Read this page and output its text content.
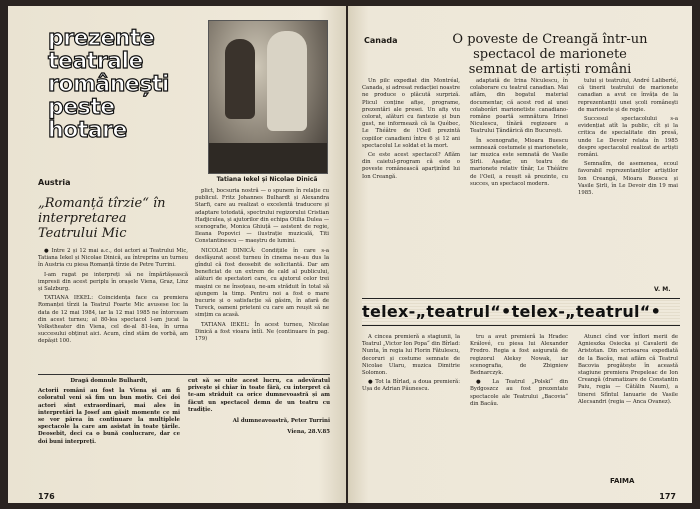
prezente
teatrale
românești
peste
hotare
Tatiana Iekel și Nicolae Dinică
Austria
„Romanță tîrzie“ în interpretarea Teatrului Mic

● Intre 2 și 12 mai a.c., doi actori ai Teatrului Mic, Tatiana Iekel și Nicolae Dinică, au întreprins un turneu în Austria cu piesa Romanță tîrzie de Petre Turrini.

I-am rugat pe interpreți să ne împărtășească impresii din acest periplu în orașele Viena, Graz, Linz și Salzburg.

TATIANA IEKEL: Coincidența face ca premiera Romanței tîrzii la Teatrul Foarte Mic avusese loc la data de 12 mai 1984, iar la 12 mai 1985 ne întorceam din acest turneu; al 80-lea spectacol l-am jucat la Volkstheater din Viena, cel de-al 81-lea, în urma succesului obținut aici. Acum, cînd stăm de vorbă, am depășit 100.

plict, bocsuria nostră — o spunem în relație cu publicul. Fritz Johannes Bulhardt și Alexandra Starfi, care au realizat o excelentă traducere și adaptare totodată, spectrului regizorului Cristian Hadjiculea, și ajutorilor din echipa Otilia Dulea — scenografie, Monica Ghiuță — asistent de regie, Ileana Popovici — ilustrație muzicală, Titi Constantinescu — maeștru de lumini.

NICOLAE DINICĂ: Condițiile în care s-a desfășurat acest turneu în cinema ne-au dus la gîndul că fost deosebit de solicitantă. Dar am beneficiat de un extrem de cald al publicului, alături de spectatori care, cu ajutorul celor trei mașini ce ne însoțeau, ne-am străduit în total să ajungem la timp. Pentru noi a fost o mare bucurie și o satisfacție să găsim, în afară de Tureck, oameni prieteni cu care am reușit să ne simțim ca acasă.

TATIANA IEKEL: În acest turneu, Nicolae Dinică a fost vioara întîi. Ne (continuare în pag. 179)

Dragă domnule Bulhardt,
Actorii români au fost la Viena și am fi coloratul veni să fim un bun motiv. Cei doi actori sînt extraordinari, mai ales în interpretări la Josef am găsit momente ce mi se vor părea în continuare la multiplele spectacole la care am asistat în toate țările. Deosebit, deci ca o bună conlucrare, dar ce doi buni interpreți.
cut să se uite acest lucru, ca adevăratul privește și chiar în toate fără, cu interpret că te-am străduit ca orice dumnevoastră și am făcut un spectacol demn de un teatru cu tradiție.
Al dumneavoastră, Peter Turrini
Viena, 28.V.85
176
Canada	O poveste de Creangă într-un spectacol de marionete semnat de artiști români

Un pilc expediat din Montréal, Canada, și adresat redacției noastre ne produce o plăcută surpriză. Plicul conține afișe, programe, prezentări ale presei. Un afiș viu colorat, alături cu fantezie și bun gust, ne informează că la Québec, Le Théâtre de l'Oeil prezintă copiilor canadieni între 6 și 12 ani spectacolul Le soldat et la mort.

Ce este acest spectacol? Aflăm din caietul-program că este o poveste românească aparținînd lui Ion Creangă.

adaptată de Irina Niculescu, în colaborare cu teatrul canadian. Mai aflăm, din bogatul material documentar, că acest rod al unei colaborări marionetiste canadiano-române poartă semnătura Irinei Niculescu, tînără regizoare a Teatrului Țăndărică din București.

În scenografie, Mioara Buescu semnează costumele și marionetele, iar muzica este semnată de Vasile Șirli. Așadar, un teatru de marionete relativ tînăr, Le Théâtre de l'Oeil, a reușit să prezinte, cu succes, un spectacol modern.

tului și teatrului, André Laliberté, că tinerii teatrului de marionete canadian a avut ce învăța de la reprezentanții unei școli româneşti de marionete și de regie.

Succesul spectacolului s-a evidențiat atît la public, cît și la critica de specialitate din presă, unde Le Devoir relata în 1985 despre spectacolul realizat de artiști români.

Semnalîm, de asemenea, ecoul favorabil reprezentanților artiștilor Ion Creangă, Mioara Buescu și Vasile Șirli, în Le Devoir din 19 mai 1985.

V. M.
telex-„teatrul“•telex-„teatrul“•

A cincea premieră a stagiunii, la Teatrul „Victor Ion Popa“ din Bîrlad: Nunta, în regia lui Florin Fătulescu, decoruri și costume semnate de Nicolae Ularu, muzica Dimitrie Solomon.

● Tot la Bîrlad, a doua premieră: Ușa de Adrian Păunescu.

tru a avut premieră la Hradec Králové, cu piesa lui Alexander Fredro. Regia a fost asigurată de regizorul Aleksy Nowak, iar scenografia, de Zbigniew Bednarczyk.

● La Teatrul „Polski“ din Bydgoszcz au fost prezentate spectacole ale Teatrului „Bacovia“ din Bacău.

Atunci cînd vor înflori merii de Agnieszka Osiecka și Cavalerii de Aristotan. Din scrisoarea expediată de la Bacău, mai aflăm că Teatrul Bacovia pregătește în această stagiune premiera Prepeleac de Ion Creangă (dramatizare de Constantin Paiu, regia — Cătălin Naum), a tinerei Sfîntul Ianuarie de Vasile Alecsandri (regia — Anca Ovanez).

FAIMA
177
